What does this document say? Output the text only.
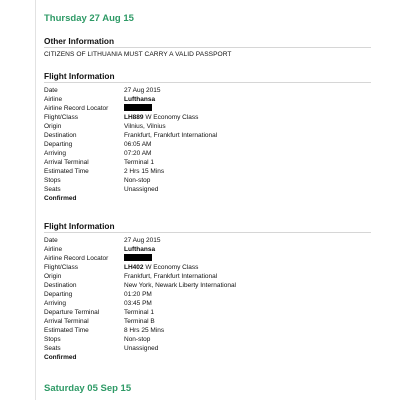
Thursday 27 Aug 15
Other Information
CITIZENS OF LITHUANIA MUST CARRY A VALID PASSPORT
Flight Information
Date	27 Aug 2015
Airline	Lufthansa
Airline Record Locator
Flight/Class	LH889 W Economy Class
Origin	Vilnius, Vilnius
Destination	Frankfurt, Frankfurt International
Departing	06:05 AM
Arriving	07:20 AM
Arrival Terminal	Terminal 1
Estimated Time	2 Hrs 15 Mins
Stops	Non-stop
Seats	Unassigned
Confirmed
Flight Information
Date	27 Aug 2015
Airline	Lufthansa
Airline Record Locator
Flight/Class	LH402 W Economy Class
Origin	Frankfurt, Frankfurt International
Destination	New York, Newark Liberty International
Departing	01:20 PM
Arriving	03:45 PM
Departure Terminal	Terminal 1
Arrival Terminal	Terminal B
Estimated Time	8 Hrs 25 Mins
Stops	Non-stop
Seats	Unassigned
Confirmed
Saturday 05 Sep 15
